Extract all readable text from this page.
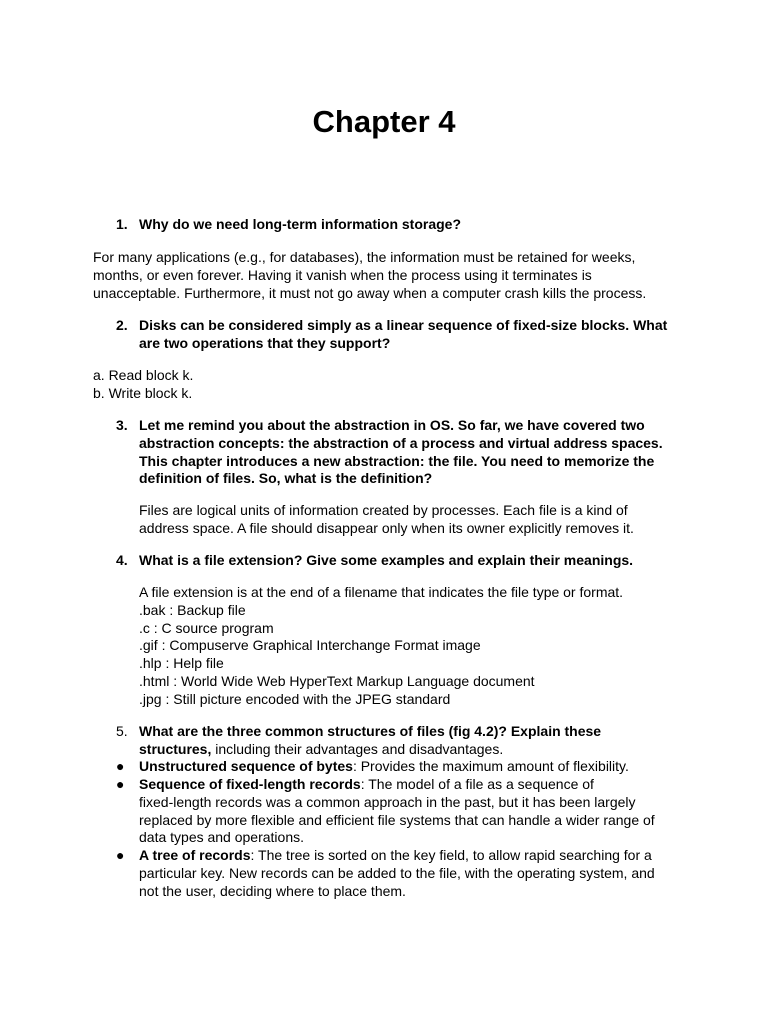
Chapter 4
1. Why do we need long-term information storage?
For many applications (e.g., for databases), the information must be retained for weeks,
months, or even forever. Having it vanish when the process using it terminates is
unacceptable. Furthermore, it must not go away when a computer crash kills the process.
2. Disks can be considered simply as a linear sequence of fixed-size blocks. What
are two operations that they support?
a. Read block k.
b. Write block k.
3. Let me remind you about the abstraction in OS. So far, we have covered two
abstraction concepts: the abstraction of a process and virtual address spaces.
This chapter introduces a new abstraction: the file. You need to memorize the
definition of files. So, what is the definition?
Files are logical units of information created by processes. Each file is a kind of
address space. A file should disappear only when its owner explicitly removes it.
4. What is a file extension? Give some examples and explain their meanings.
A file extension is at the end of a filename that indicates the file type or format.
.bak : Backup file
.c : C source program
.gif : Compuserve Graphical Interchange Format image
.hlp : Help file
.html : World Wide Web HyperText Markup Language document
.jpg : Still picture encoded with the JPEG standard
5. What are the three common structures of files (fig 4.2)? Explain these
structures, including their advantages and disadvantages.
● Unstructured sequence of bytes: Provides the maximum amount of flexibility.
● Sequence of fixed-length records: The model of a file as a sequence of
fixed-length records was a common approach in the past, but it has been largely
replaced by more flexible and efficient file systems that can handle a wider range of
data types and operations.
● A tree of records: The tree is sorted on the key field, to allow rapid searching for a
particular key. New records can be added to the file, with the operating system, and
not the user, deciding where to place them.
